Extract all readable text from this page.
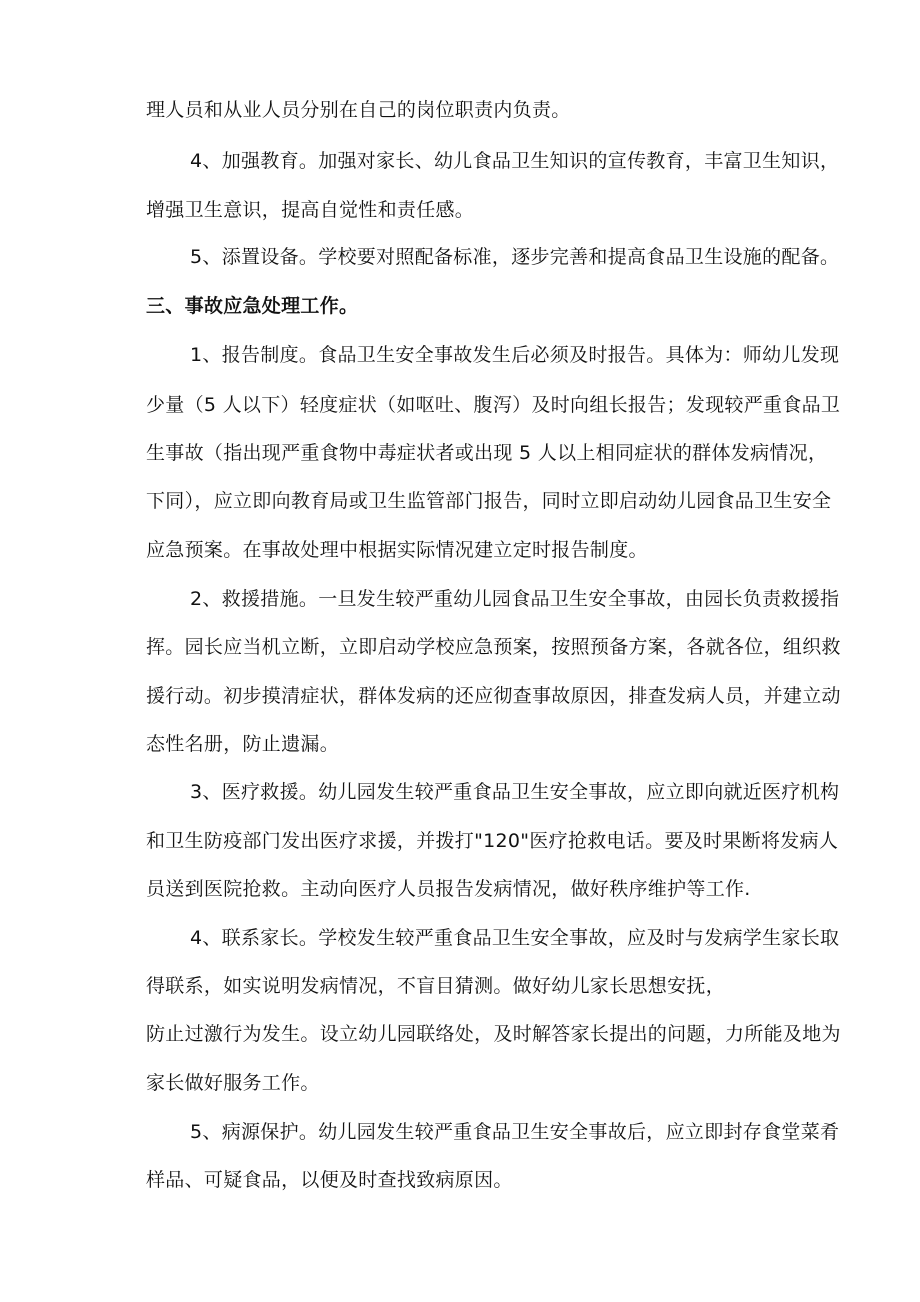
理人员和从业人员分别在自己的岗位职责内负责。
4、加强教育。加强对家长、幼儿食品卫生知识的宣传教育，丰富卫生知识，
增强卫生意识，提高自觉性和责任感。
5、添置设备。学校要对照配备标准，逐步完善和提高食品卫生设施的配备。
三、事故应急处理工作。
1、报告制度。食品卫生安全事故发生后必须及时报告。具体为：师幼儿发现
少量（5 人以下）轻度症状（如呕吐、腹泻）及时向组长报告；发现较严重食品卫
生事故（指出现严重食物中毒症状者或出现 5 人以上相同症状的群体发病情况，
下同），应立即向教育局或卫生监管部门报告，同时立即启动幼儿园食品卫生安全
应急预案。在事故处理中根据实际情况建立定时报告制度。
2、救援措施。一旦发生较严重幼儿园食品卫生安全事故，由园长负责救援指
挥。园长应当机立断，立即启动学校应急预案，按照预备方案，各就各位，组织救
援行动。初步摸清症状，群体发病的还应彻查事故原因，排查发病人员，并建立动
态性名册，防止遗漏。
3、医疗救援。幼儿园发生较严重食品卫生安全事故，应立即向就近医疗机构
和卫生防疫部门发出医疗求援，并拨打"120"医疗抢救电话。要及时果断将发病人
员送到医院抢救。主动向医疗人员报告发病情况，做好秩序维护等工作.
4、联系家长。学校发生较严重食品卫生安全事故，应及时与发病学生家长取
得联系，如实说明发病情况，不盲目猜测。做好幼儿家长思想安抚，
防止过激行为发生。设立幼儿园联络处，及时解答家长提出的问题，力所能及地为
家长做好服务工作。
5、病源保护。幼儿园发生较严重食品卫生安全事故后，应立即封存食堂菜肴
样品、可疑食品，以便及时查找致病原因。
